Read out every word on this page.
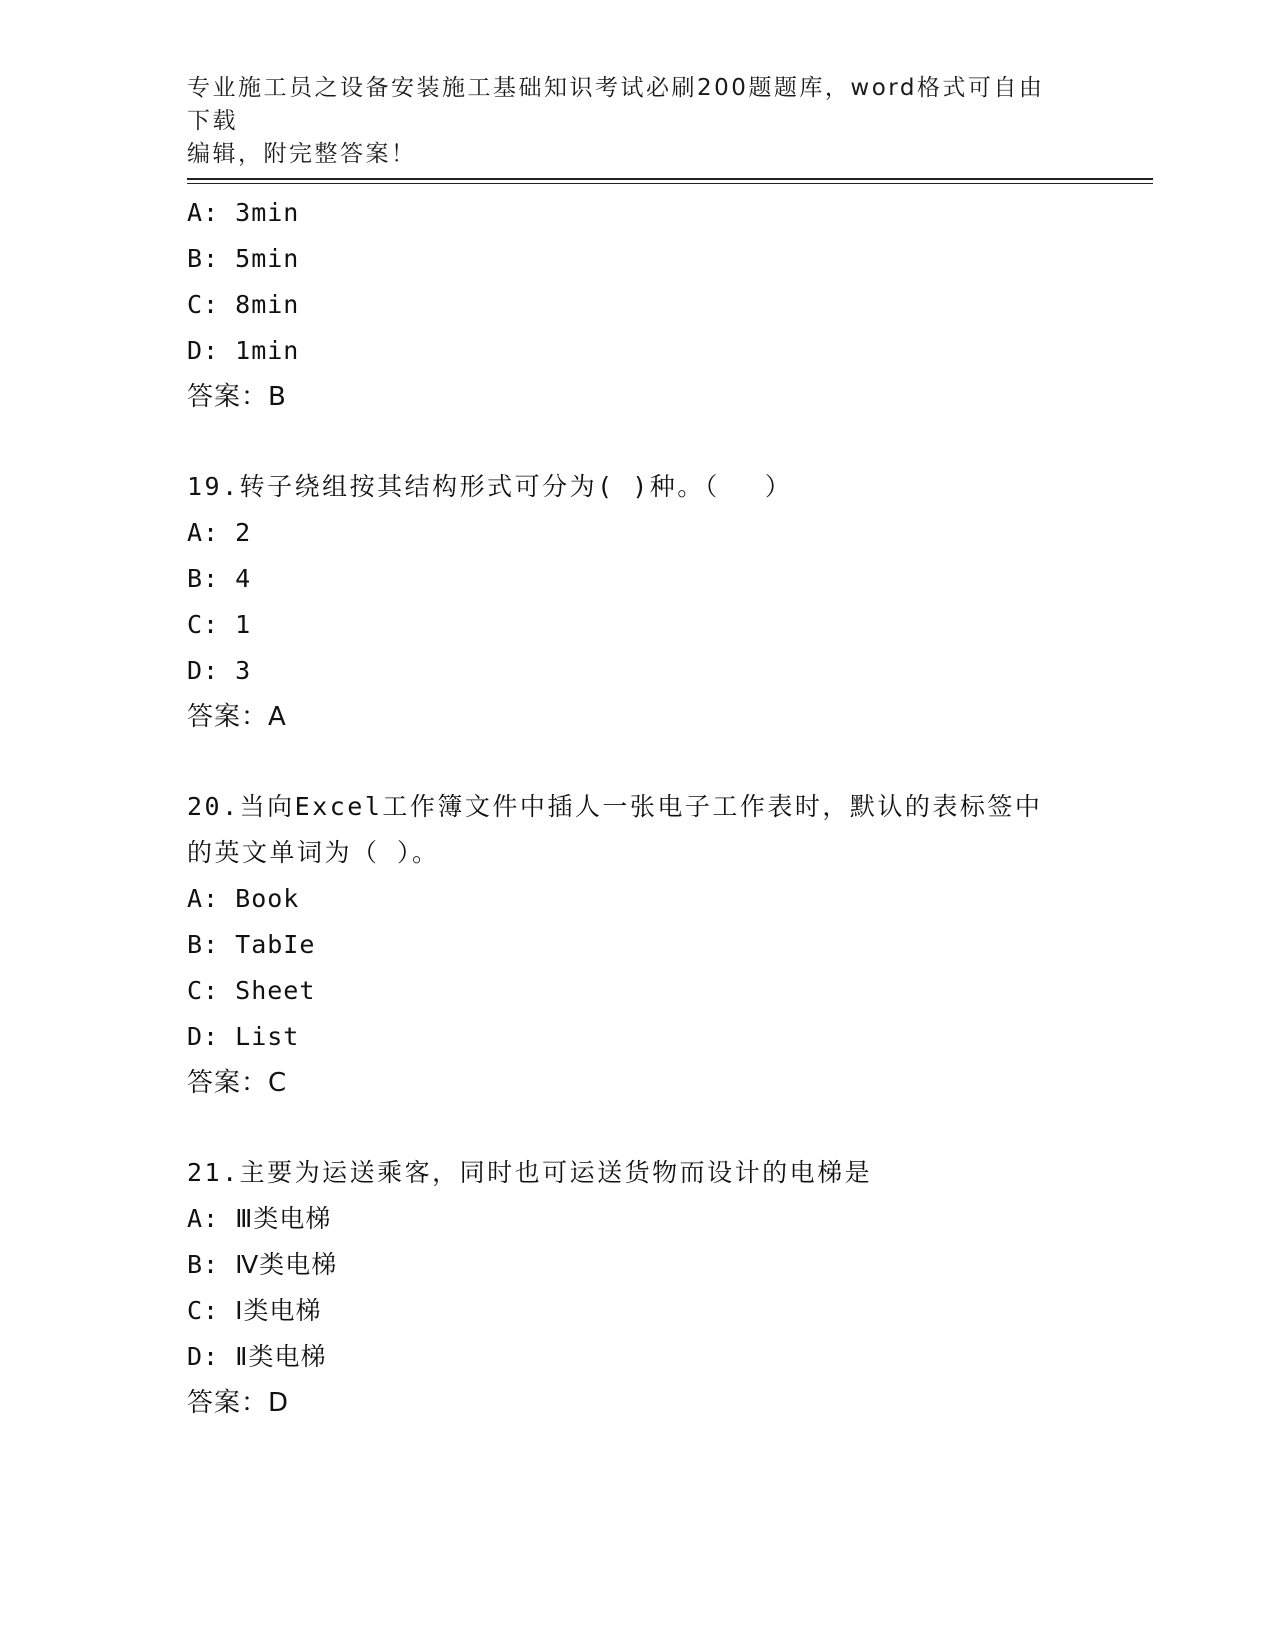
专业施工员之设备安装施工基础知识考试必刷200题题库，word格式可自由下载
编辑，附完整答案！
A: 3min
B: 5min
C: 8min
D: 1min
答案：B
19.转子绕组按其结构形式可分为( )种。（　 ）
A: 2
B: 4
C: 1
D: 3
答案：A
20.当向Excel工作簿文件中插人一张电子工作表时，默认的表标签中
的英文单词为（ ）。
A: Book
B: TabIe
C: Sheet
D: List
答案：C
21.主要为运送乘客，同时也可运送货物而设计的电梯是
A: Ⅲ类电梯
B: Ⅳ类电梯
C: Ⅰ类电梯
D: Ⅱ类电梯
答案：D
